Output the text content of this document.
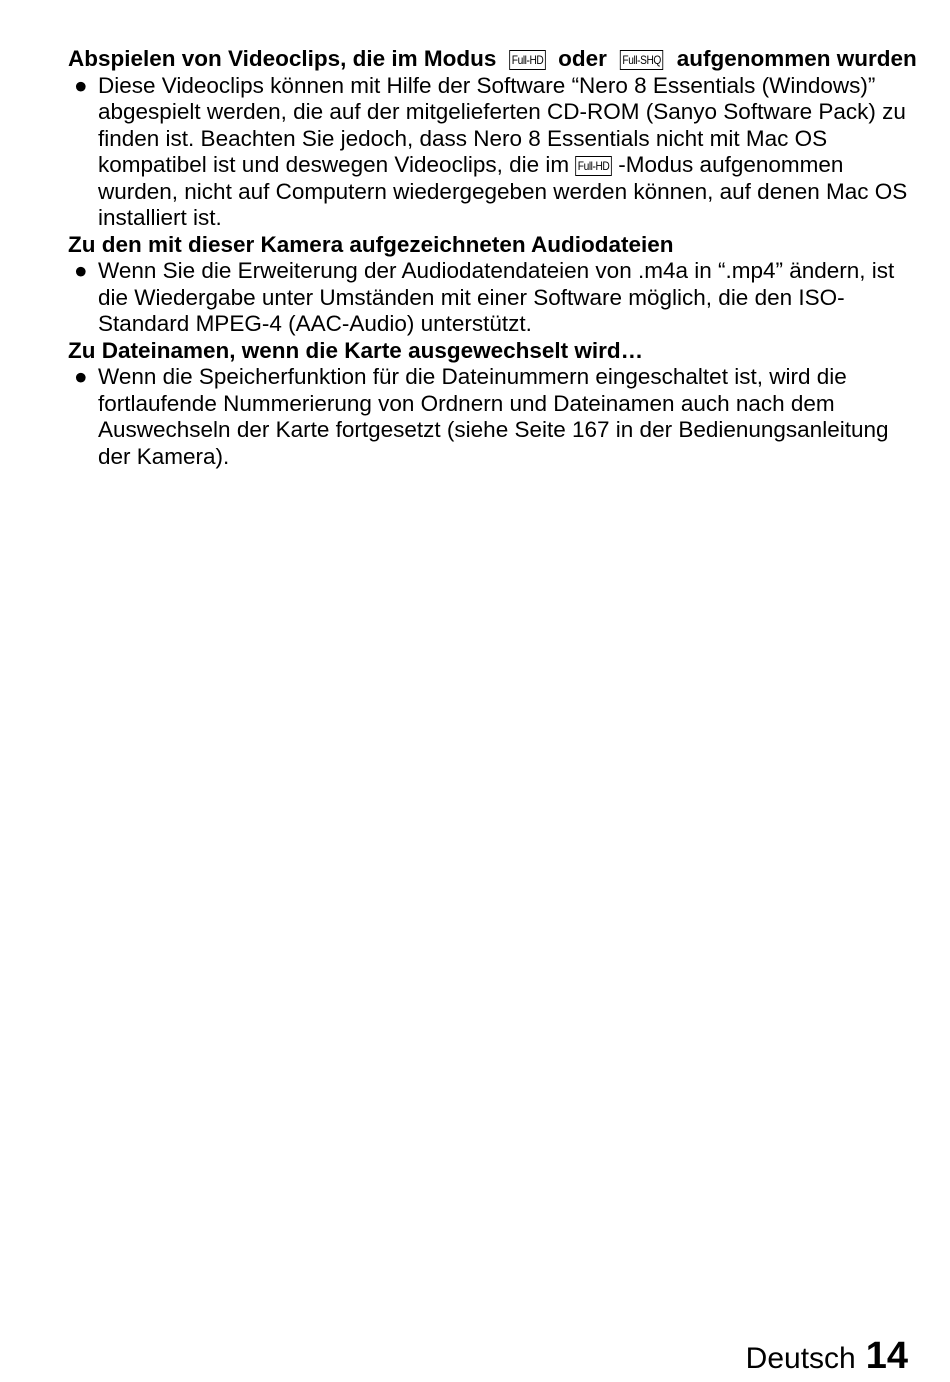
Abspielen von Videoclips, die im Modus Full-HD oder Full-SHQ aufgenommen wurden

● Diese Videoclips können mit Hilfe der Software “Nero 8 Essentials (Windows)” abgespielt werden, die auf der mitgelieferten CD-ROM (Sanyo Software Pack) zu finden ist. Beachten Sie jedoch, dass Nero 8 Essentials nicht mit Mac OS kompatibel ist und deswegen Videoclips, die im Full-HD -Modus aufgenommen wurden, nicht auf Computern wiedergegeben werden können, auf denen Mac OS installiert ist.

Zu den mit dieser Kamera aufgezeichneten Audiodateien

● Wenn Sie die Erweiterung der Audiodatendateien von .m4a in “.mp4” ändern, ist die Wiedergabe unter Umständen mit einer Software möglich, die den ISO-Standard MPEG-4 (AAC-Audio) unterstützt.

Zu Dateinamen, wenn die Karte ausgewechselt wird…

● Wenn die Speicherfunktion für die Dateinummern eingeschaltet ist, wird die fortlaufende Nummerierung von Ordnern und Dateinamen auch nach dem Auswechseln der Karte fortgesetzt (siehe Seite 167 in der Bedienungsanleitung der Kamera).

Deutsch 14
